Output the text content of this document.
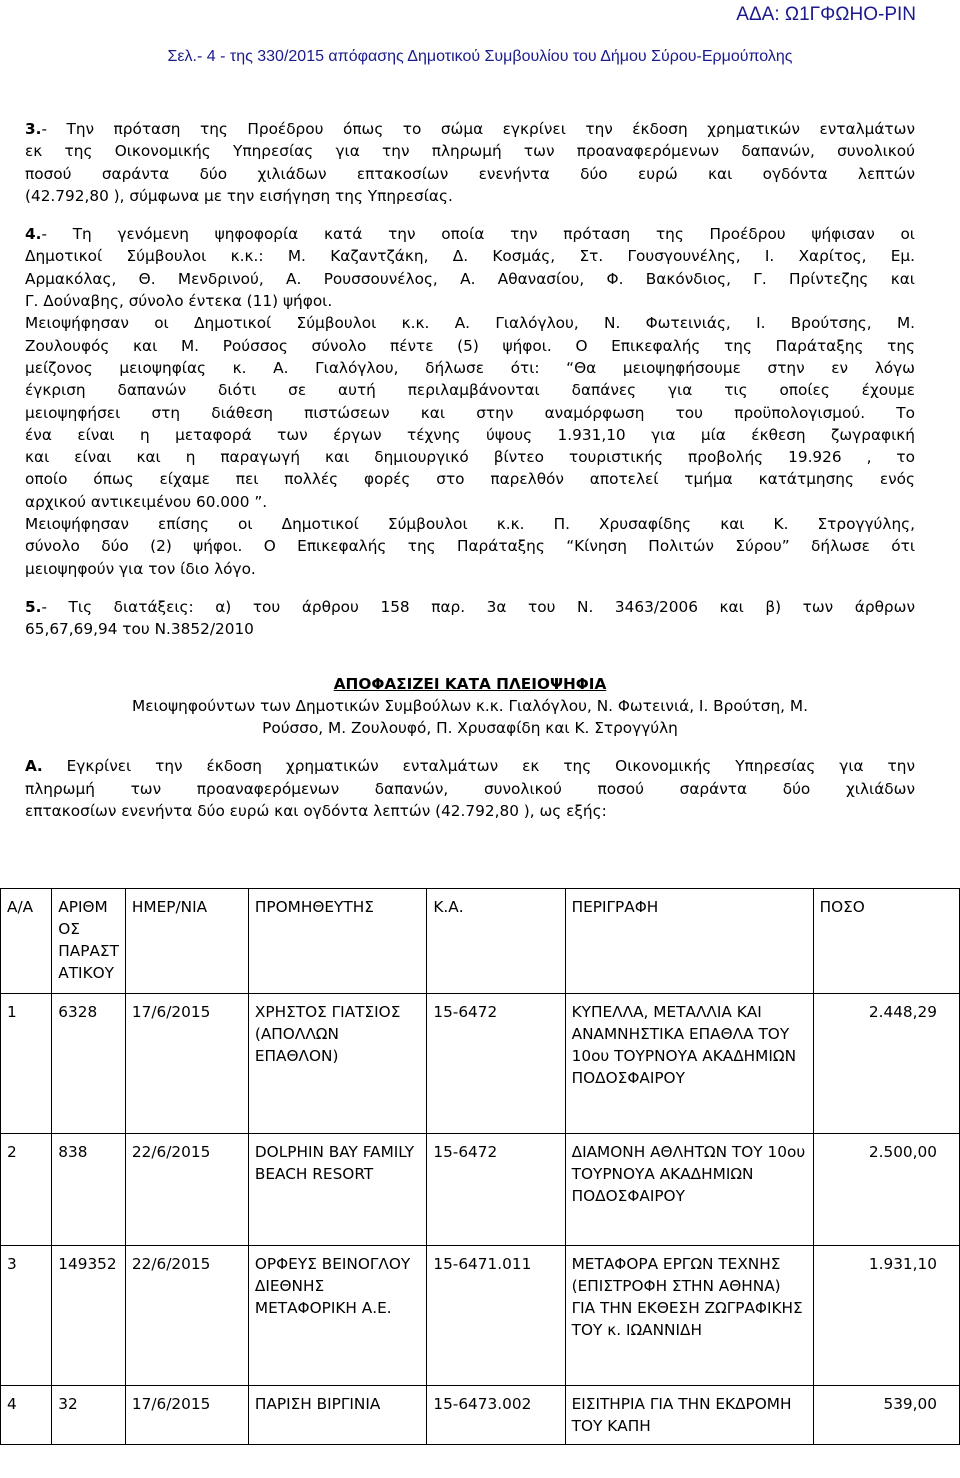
ΑΔΑ: Ω1ΓΦΩΗΟ-ΡΙΝ
Σελ.- 4 - της 330/2015 απόφασης Δημοτικού Συμβουλίου του Δήμου Σύρου-Ερμούπολης
3.- Την πρόταση της Προέδρου όπως το σώμα εγκρίνει την έκδοση χρηματικών ενταλμάτων
εκ της Οικονομικής Υπηρεσίας για την πληρωμή των προαναφερόμενων δαπανών, συνολικού
ποσού σαράντα δύο χιλιάδων επτακοσίων ενενήντα δύο ευρώ και ογδόντα λεπτών
(42.792,80 ), σύμφωνα με την εισήγηση της Υπηρεσίας.
4.- Τη γενόμενη ψηφοφορία κατά την οποία την πρόταση της Προέδρου ψήφισαν οι
Δημοτικοί Σύμβουλοι κ.κ.: Μ. Καζαντζάκη, Δ. Κοσμάς, Στ. Γουσγουνέλης, Ι. Χαρίτος, Εμ.
Αρμακόλας, Θ. Μενδρινού, Α. Ρουσσουνέλος, Α. Αθανασίου, Φ. Βακόνδιος, Γ. Πρίντεζης και
Γ. Δούναβης, σύνολο έντεκα (11) ψήφοι.
Μειοψήφησαν οι Δημοτικοί Σύμβουλοι κ.κ. Α. Γιαλόγλου, Ν. Φωτεινιάς, Ι. Βρούτσης, Μ.
Ζουλουφός και Μ. Ρούσσος σύνολο πέντε (5) ψήφοι. Ο Επικεφαλής της Παράταξης της
μείζονος μειοψηφίας κ. Α. Γιαλόγλου, δήλωσε ότι: “Θα μειοψηφήσουμε στην εν λόγω
έγκριση δαπανών διότι σε αυτή περιλαμβάνονται δαπάνες για τις οποίες έχουμε
μειοψηφήσει στη διάθεση πιστώσεων και στην αναμόρφωση του προϋπολογισμού. Το
ένα είναι η μεταφορά των έργων τέχνης ύψους 1.931,10 για μία έκθεση ζωγραφική
και είναι και η παραγωγή και δημιουργικό βίντεο τουριστικής προβολής 19.926 , το
οποίο όπως είχαμε πει πολλές φορές στο παρελθόν αποτελεί τμήμα κατάτμησης ενός
αρχικού αντικειμένου 60.000 ”.
Μειοψήφησαν επίσης οι Δημοτικοί Σύμβουλοι κ.κ. Π. Χρυσαφίδης και Κ. Στρογγύλης,
σύνολο δύο (2) ψήφοι. Ο Επικεφαλής της Παράταξης “Κίνηση Πολιτών Σύρου” δήλωσε ότι
μειοψηφούν για τον ίδιο λόγο.
5.- Τις διατάξεις: α) του άρθρου 158 παρ. 3α του Ν. 3463/2006 και β) των άρθρων
65,67,69,94 του Ν.3852/2010
ΑΠΟΦΑΣΙΖΕΙ ΚΑΤΑ ΠΛΕΙΟΨΗΦΙΑ
Μειοψηφούντων των Δημοτικών Συμβούλων κ.κ. Γιαλόγλου, Ν. Φωτεινιά, Ι. Βρούτση, Μ.
Ρούσσο, Μ. Ζουλουφό, Π. Χρυσαφίδη και Κ. Στρογγύλη
Α. Εγκρίνει την έκδοση χρηματικών ενταλμάτων εκ της Οικονομικής Υπηρεσίας για την
πληρωμή των προαναφερόμενων δαπανών, συνολικού ποσού σαράντα δύο χιλιάδων
επτακοσίων ενενήντα δύο ευρώ και ογδόντα λεπτών (42.792,80 ), ως εξής:
Α/Α	ΑΡΙΘΜ ΟΣ ΠΑΡΑΣΤ ΑΤΙΚΟΥ	ΗΜΕΡ/ΝΙΑ	ΠΡΟΜΗΘΕΥΤΗΣ	Κ.Α.	ΠΕΡΙΓΡΑΦΗ	ΠΟΣΟ
1	6328	17/6/2015	ΧΡΗΣΤΟΣ ΓΙΑΤΣΙΟΣ (ΑΠΟΛΛΩΝ ΕΠΑΘΛΟΝ)	15-6472	ΚΥΠΕΛΛΑ, ΜΕΤΑΛΛΙΑ ΚΑΙ ΑΝΑΜΝΗΣΤΙΚΑ ΕΠΑΘΛΑ ΤΟΥ 10ου ΤΟΥΡΝΟΥΑ ΑΚΑΔΗΜΙΩΝ ΠΟΔΟΣΦΑΙΡΟΥ	2.448,29
2	838	22/6/2015	DOLPHIN BAY FAMILY BEACH RESORT	15-6472	ΔΙΑΜΟΝΗ ΑΘΛΗΤΩΝ ΤΟΥ 10ου ΤΟΥΡΝΟΥΑ ΑΚΑΔΗΜΙΩΝ ΠΟΔΟΣΦΑΙΡΟΥ	2.500,00
3	149352	22/6/2015	ΟΡΦΕΥΣ ΒΕΙΝΟΓΛΟΥ ΔΙΕΘΝΗΣ ΜΕΤΑΦΟΡΙΚΗ Α.Ε.	15-6471.011	ΜΕΤΑΦΟΡΑ ΕΡΓΩΝ ΤΕΧΝΗΣ (ΕΠΙΣΤΡΟΦΗ ΣΤΗΝ ΑΘΗΝΑ) ΓΙΑ ΤΗΝ ΕΚΘΕΣΗ ΖΩΓΡΑΦΙΚΗΣ ΤΟΥ κ. ΙΩΑΝΝΙΔΗ	1.931,10
4	32	17/6/2015	ΠΑΡΙΣΗ ΒΙΡΓΙΝΙΑ	15-6473.002	ΕΙΣΙΤΗΡΙΑ ΓΙΑ ΤΗΝ ΕΚΔΡΟΜΗ ΤΟΥ ΚΑΠΗ	539,00
